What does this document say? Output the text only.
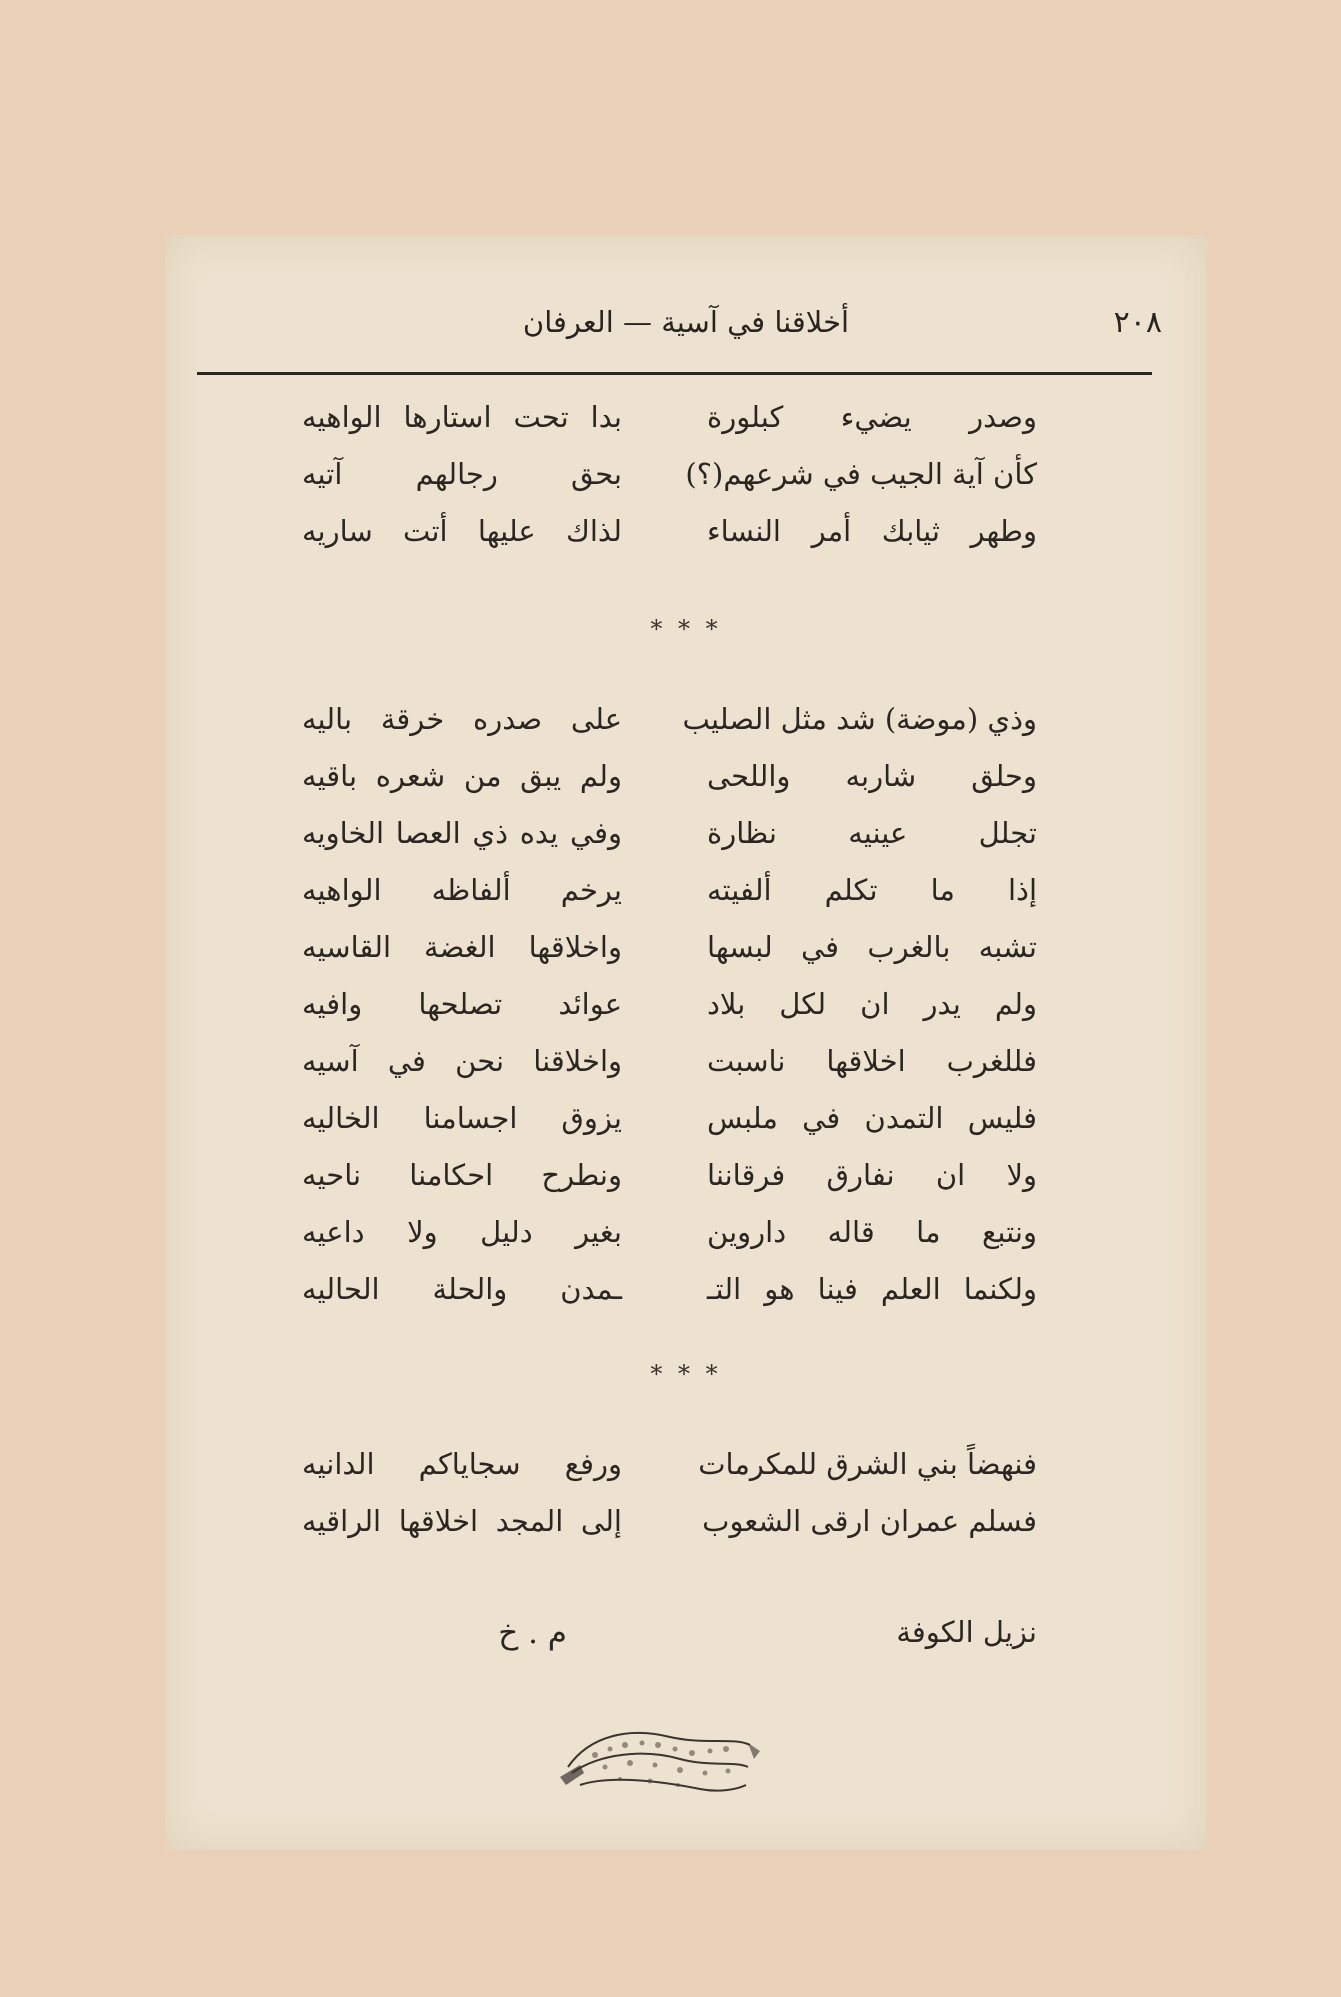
٢٠٨
أخلاقنا في آسية — العرفان
وصدر يضيء كبلورة
بدا تحت استارها الواهيه
كأن آية الجيب في شرعهم(؟)
بحق رجالهم آتيه
وطهر ثيابك أمر النساء
لذاك عليها أتت ساريه
* * *
وذي (موضة) شد مثل الصليب
على صدره خرقة باليه
وحلق شاربه واللحى
ولم يبق من شعره باقيه
تجلل عينيه نظارة
وفي يده ذي العصا الخاويه
إذا ما تكلم ألفيته
يرخم ألفاظه الواهيه
تشبه بالغرب في لبسها
واخلاقها الغضة القاسيه
ولم يدر ان لكل بلاد
عوائد تصلحها وافيه
فللغرب اخلاقها ناسبت
واخلاقنا نحن في آسيه
فليس التمدن في ملبس
يزوق اجسامنا الخاليه
ولا ان نفارق فرقاننا
ونطرح احكامنا ناحيه
ونتبع ما قاله داروين
بغير دليل ولا داعيه
ولكنما العلم فينا هو التـ
ـمدن والحلة الحاليه
* * *
فنهضاً بني الشرق للمكرمات
ورفع سجاياكم الدانيه
فسلم عمران ارقى الشعوب
إلى المجد اخلاقها الراقيه
نزيل الكوفة
م . خ
